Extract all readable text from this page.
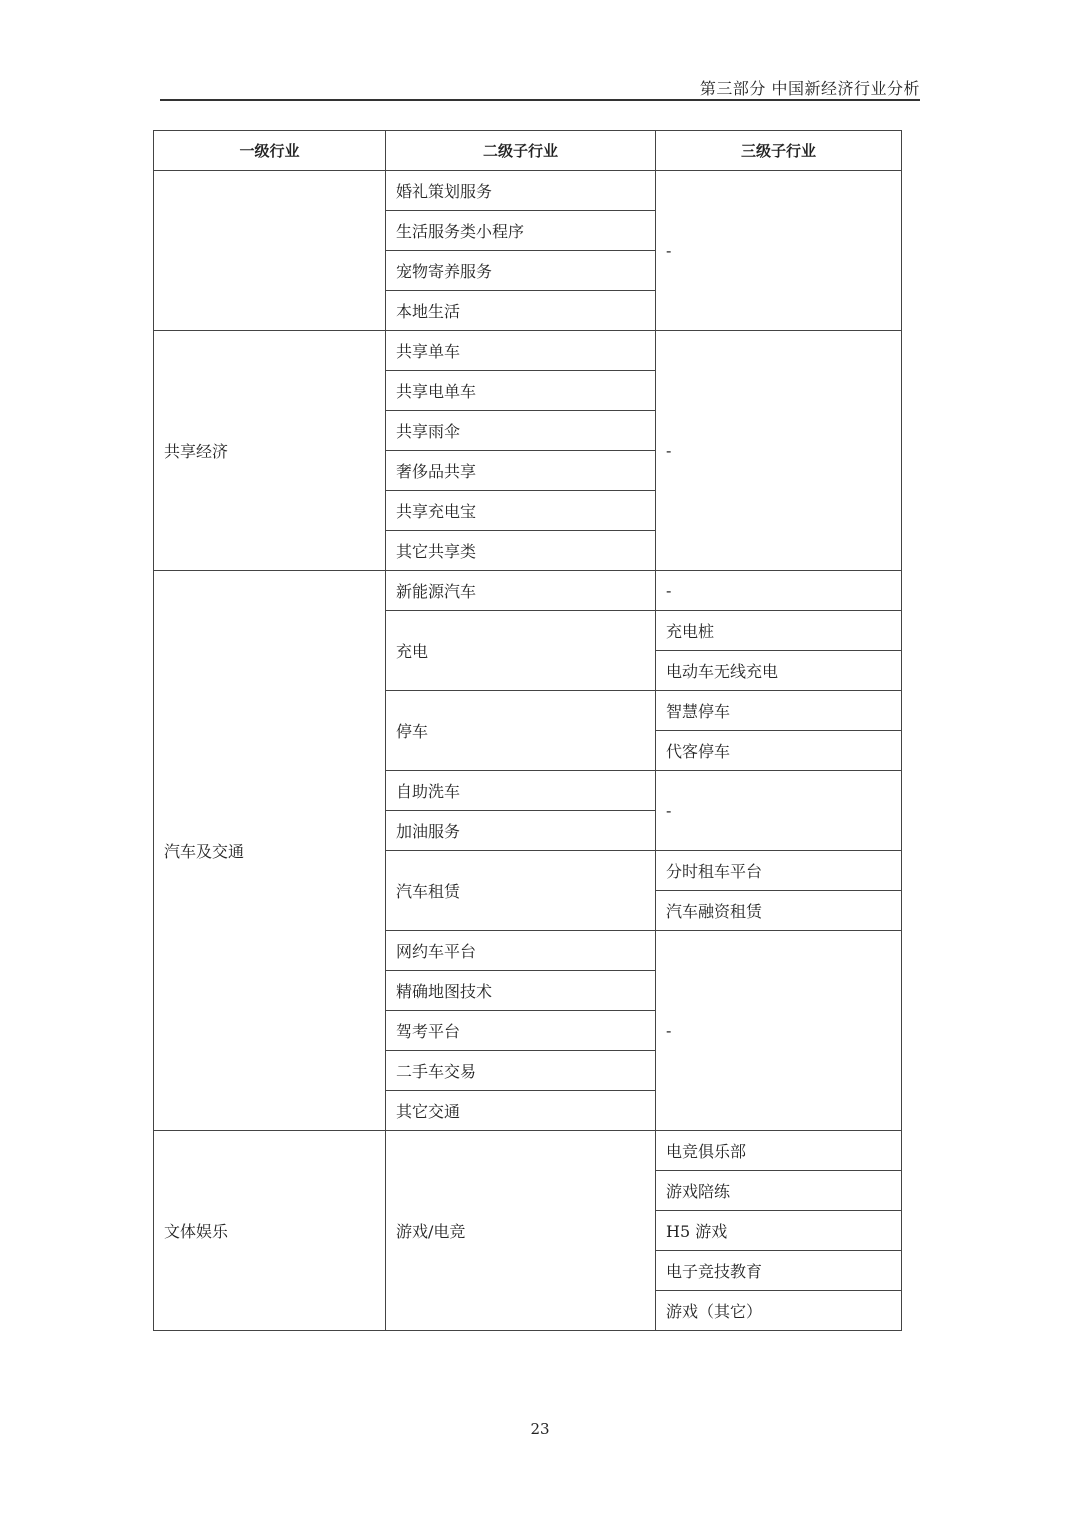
第三部分 中国新经济行业分析
一级行业	二级子行业	三级子行业
	婚礼策划服务	-
	生活服务类小程序	
	宠物寄养服务	
	本地生活	
共享经济	共享单车	-
	共享电单车	
	共享雨伞	
	奢侈品共享	
	共享充电宝	
	其它共享类	
汽车及交通	新能源汽车	-
	充电	充电桩
		电动车无线充电
	停车	智慧停车
		代客停车
	自助洗车	-
	加油服务	
	汽车租赁	分时租车平台
		汽车融资租赁
	网约车平台	-
	精确地图技术	
	驾考平台	
	二手车交易	
	其它交通	
文体娱乐	游戏/电竞	电竞俱乐部
		游戏陪练
		H5 游戏
		电子竞技教育
		游戏（其它）
23
